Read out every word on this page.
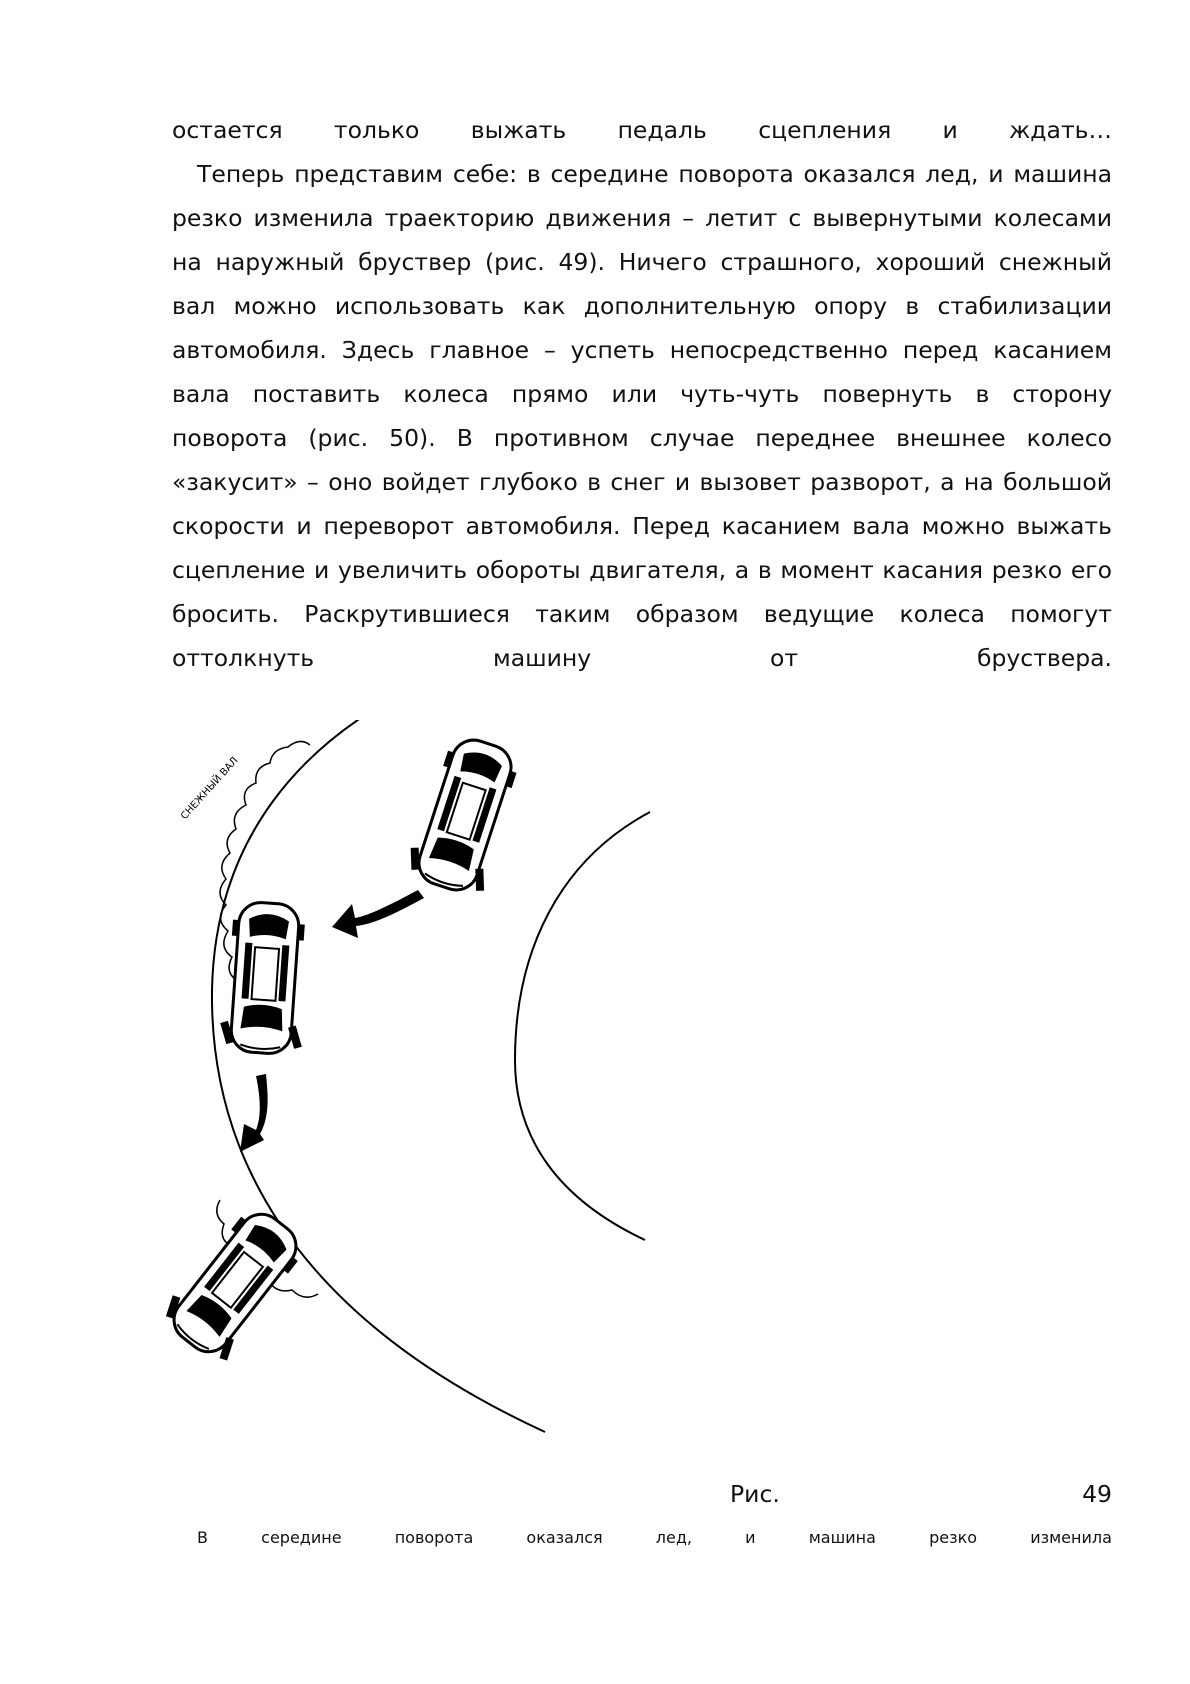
остается только выжать педаль сцепления и ждать…
Теперь представим себе: в середине поворота оказался лед, и машина
резко изменила траекторию движения – летит с вывернутыми колесами
на наружный бруствер (рис. 49). Ничего страшного, хороший снежный
вал можно использовать как дополнительную опору в стабилизации
автомобиля. Здесь главное – успеть непосредственно перед касанием
вала поставить колеса прямо или чуть-чуть повернуть в сторону
поворота (рис. 50). В противном случае переднее внешнее колесо
«закусит» – оно войдет глубоко в снег и вызовет разворот, а на большой
скорости и переворот автомобиля. Перед касанием вала можно выжать
сцепление и увеличить обороты двигателя, а в момент касания резко его
бросить. Раскрутившиеся таким образом ведущие колеса помогут
оттолкнуть	машину	от	бруствера.
СНЕЖНЫЙ ВАЛ
Рис.	49
В	середине	поворота	оказался	лед,	и	машина	резко	изменила
